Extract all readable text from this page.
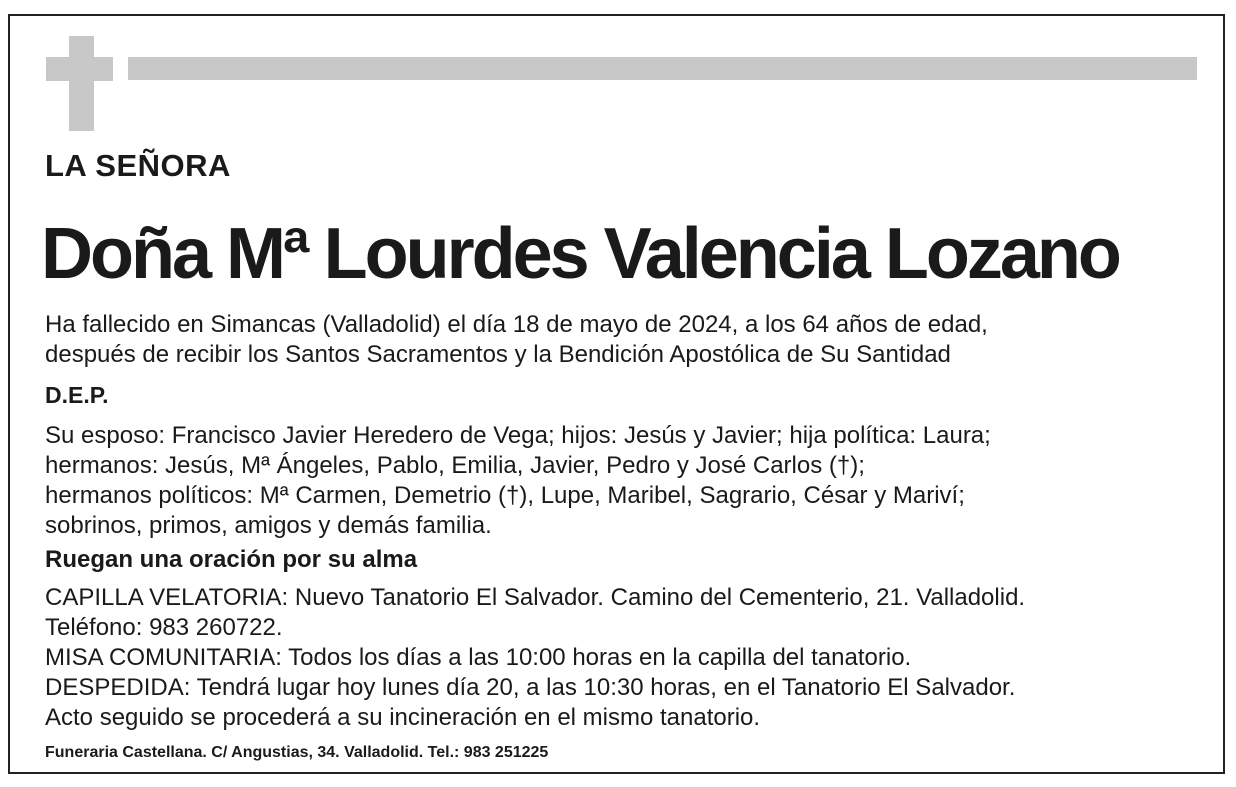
LA SEÑORA
Doña Mª Lourdes Valencia Lozano
Ha fallecido en Simancas (Valladolid) el día 18 de mayo de 2024, a los 64 años de edad,
después de recibir los Santos Sacramentos y la Bendición Apostólica de Su Santidad
D.E.P.
Su esposo: Francisco Javier Heredero de Vega; hijos: Jesús y Javier; hija política: Laura;
hermanos: Jesús, Mª Ángeles, Pablo, Emilia, Javier, Pedro y José Carlos (†);
hermanos políticos: Mª Carmen, Demetrio (†), Lupe, Maribel, Sagrario, César y Mariví;
sobrinos, primos, amigos y demás familia.
Ruegan una oración por su alma
CAPILLA VELATORIA: Nuevo Tanatorio El Salvador. Camino del Cementerio, 21. Valladolid.
Teléfono: 983 260722.
MISA COMUNITARIA: Todos los días a las 10:00 horas en la capilla del tanatorio.
DESPEDIDA: Tendrá lugar hoy lunes día 20, a las 10:30 horas, en el Tanatorio El Salvador.
Acto seguido se procederá a su incineración en el mismo tanatorio.
Funeraria Castellana. C/ Angustias, 34. Valladolid. Tel.: 983 251225
